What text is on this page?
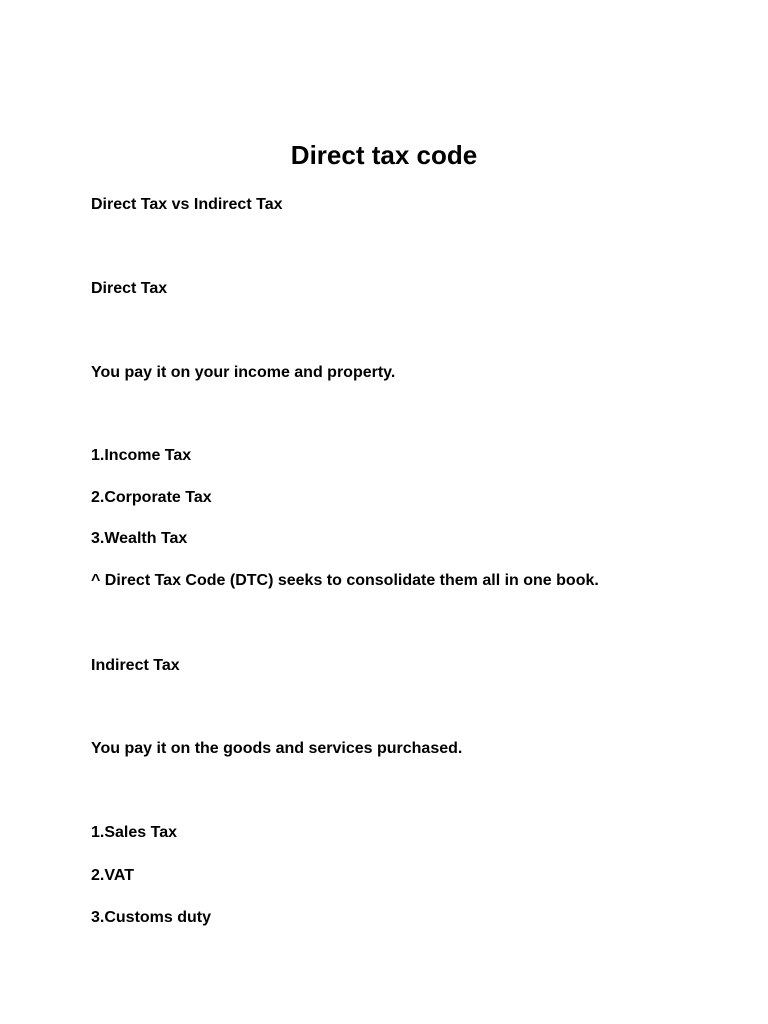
Direct tax code

Direct Tax vs Indirect Tax

Direct Tax

You pay it on your income and property.

1.Income Tax

2.Corporate Tax

3.Wealth Tax

^ Direct Tax Code (DTC) seeks to consolidate them all in one book.

Indirect Tax

You pay it on the goods and services purchased.

1.Sales Tax

2.VAT

3.Customs duty
